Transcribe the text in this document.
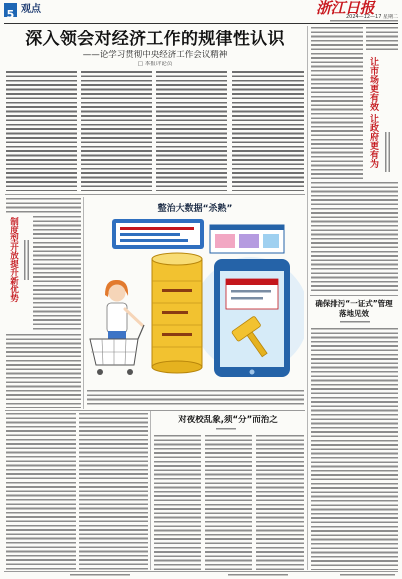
5 观点	浙江日报
2024—12—17 星期二
深入领会对经济工作的规律性认识
——论学习贯彻中央经济工作会议精神
□ 本报评论员	让市场更有效 让政府更有为
确保排污“一证式”管理
落地见效
制度型开放提升新优势
整治大数据“杀熟”
对夜校乱象,须“分”而治之
